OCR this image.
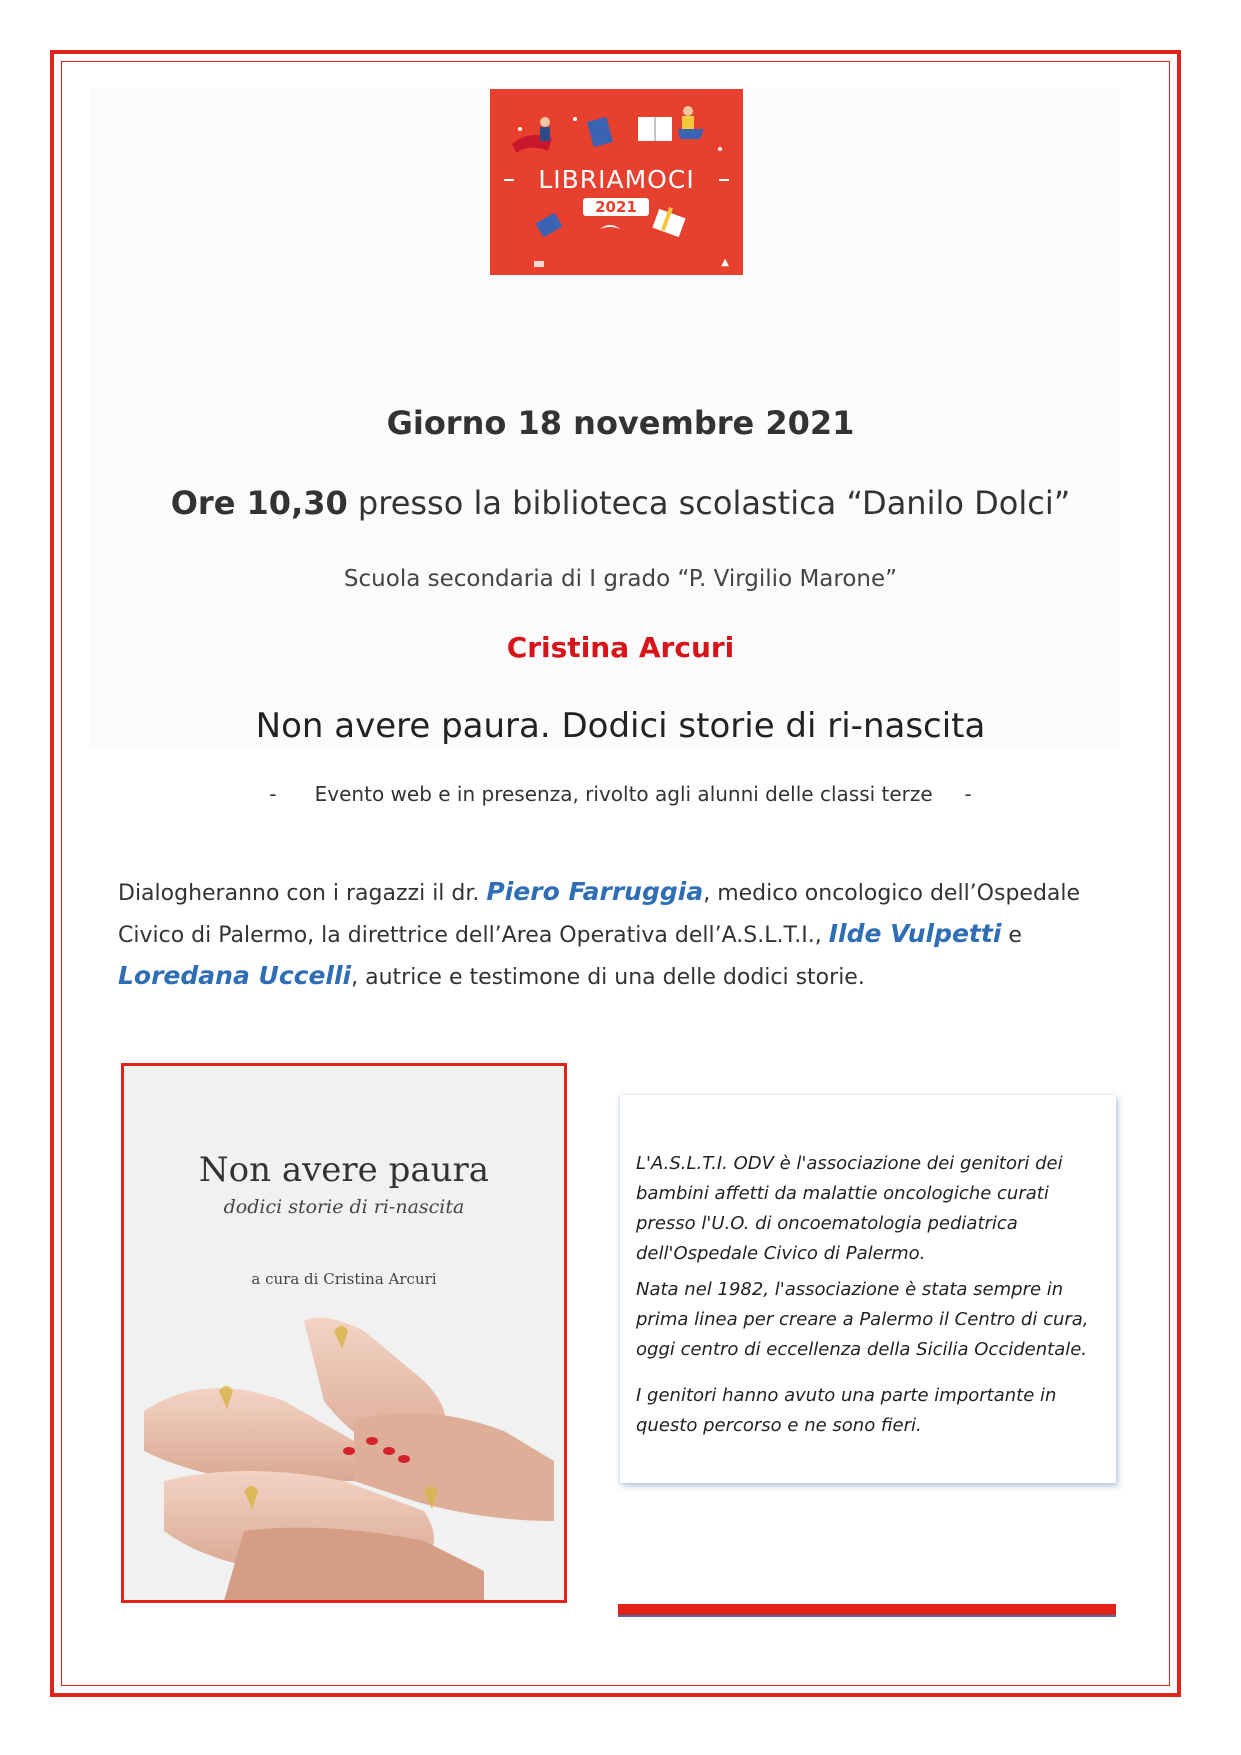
LIBRIAMOCI
2021
▲
Giorno 18 novembre 2021
Ore 10,30 presso la biblioteca scolastica “Danilo Dolci”
Scuola secondaria di I grado “P. Virgilio Marone”
Cristina Arcuri
Non avere paura. Dodici storie di ri-nascita
-      Evento web e in presenza, rivolto agli alunni delle classi terze     -
Dialogheranno con i ragazzi il dr. Piero Farruggia, medico oncologico dell’Ospedale Civico di Palermo, la direttrice dell’Area Operativa dell’A.S.L.T.I., Ilde Vulpetti e Loredana Uccelli, autrice e testimone di una delle dodici storie.
Non avere paura
dodici storie di ri-nascita
a cura di Cristina Arcuri

L'A.S.L.T.I. ODV è l'associazione dei genitori dei bambini affetti da malattie oncologiche curati presso l'U.O. di oncoematologia pediatrica dell'Ospedale Civico di Palermo.

Nata nel 1982, l'associazione è stata sempre in prima linea per creare a Palermo il Centro di cura, oggi centro di eccellenza della Sicilia Occidentale.

I genitori hanno avuto una parte importante in questo percorso e ne sono fieri.
